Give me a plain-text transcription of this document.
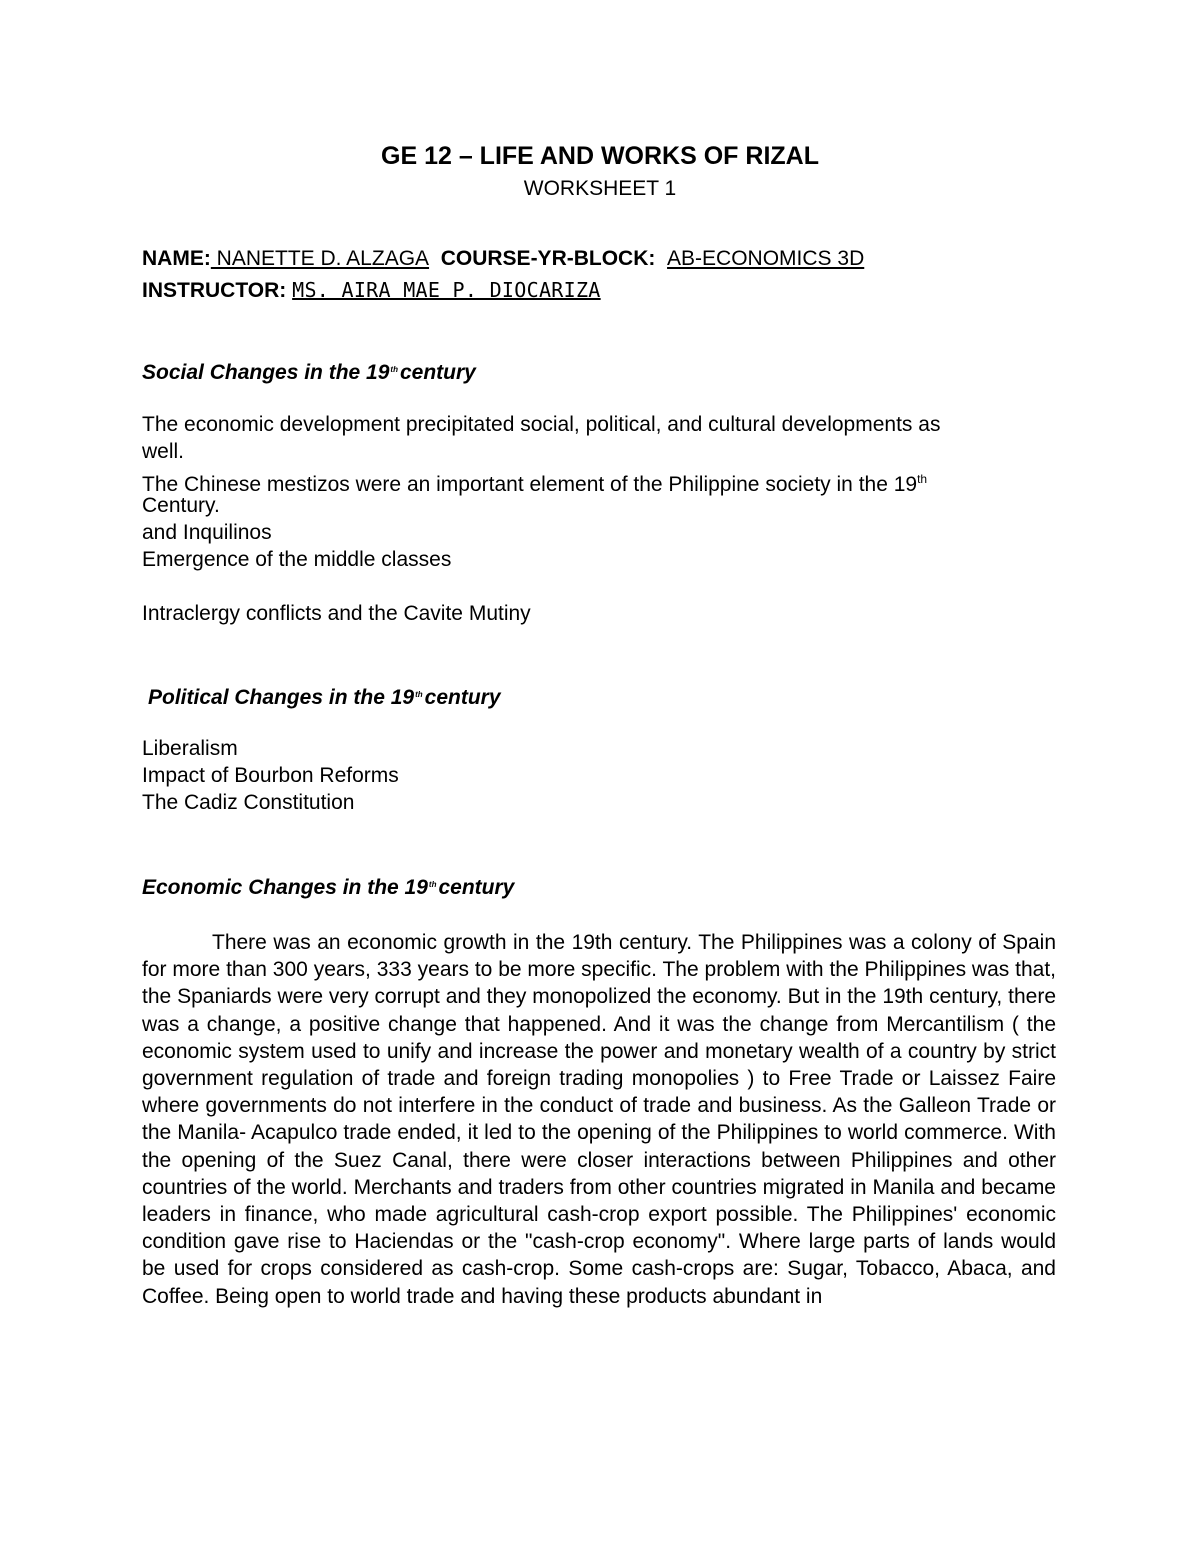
GE 12 – LIFE AND WORKS OF RIZAL
WORKSHEET 1
NAME: NANETTE D. ALZAGA COURSE-YR-BLOCK: AB-ECONOMICS 3D
INSTRUCTOR: MS. AIRA MAE P. DIOCARIZA
Social Changes in the 19thcentury
The economic development precipitated social, political, and cultural developments as
well.
The Chinese mestizos were an important element of the Philippine society in the 19th
Century.
and Inquilinos
Emergence of the middle classes
Intraclergy conflicts and the Cavite Mutiny
Political Changes in the 19thcentury
Liberalism
Impact of Bourbon Reforms
The Cadiz Constitution
Economic Changes in the 19thcentury

There was an economic growth in the 19th century. The Philippines was a colony of Spain for more than 300 years, 333 years to be more specific. The problem with the Philippines was that, the Spaniards were very corrupt and they monopolized the economy. But in the 19th century, there was a change, a positive change that happened. And it was the change from Mercantilism ( the economic system used to unify and increase the power and monetary wealth of a country by strict government regulation of trade and foreign trading monopolies ) to Free Trade or Laissez Faire where governments do not interfere in the conduct of trade and business. As the Galleon Trade or the Manila- Acapulco trade ended, it led to the opening of the Philippines to world commerce. With the opening of the Suez Canal, there were closer interactions between Philippines and other countries of the world. Merchants and traders from other countries migrated in Manila and became leaders in finance, who made agricultural cash-crop export possible. The Philippines' economic condition gave rise to Haciendas or the "cash-crop economy". Where large parts of lands would be used for crops considered as cash-crop. Some cash-crops are: Sugar, Tobacco, Abaca, and Coffee. Being open to world trade and having these products abundant in
